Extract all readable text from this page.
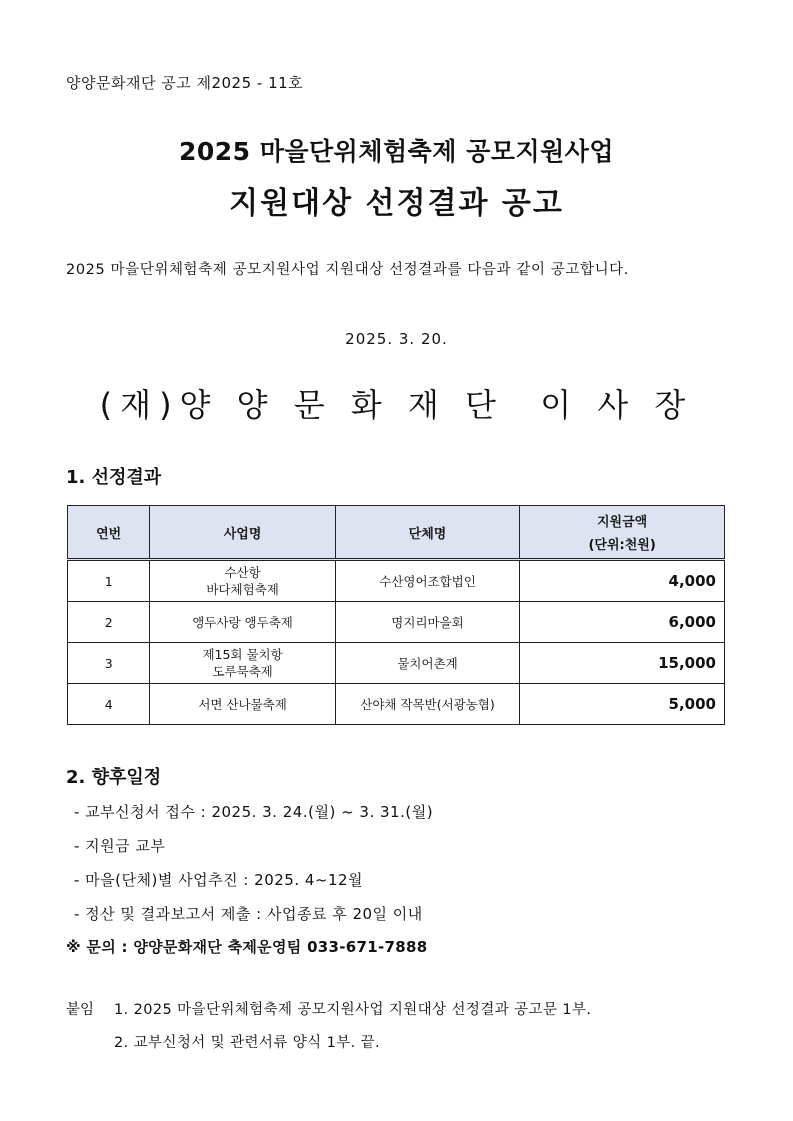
양양문화재단 공고 제2025 - 11호
2025 마을단위체험축제 공모지원사업
지원대상 선정결과 공고
2025 마을단위체험축제 공모지원사업 지원대상 선정결과를 다음과 같이 공고합니다.
2025. 3. 20.
(재)양 양 문 화 재 단  이 사 장
1. 선정결과
연번	사업명	단체명	지원금액
(단위:천원)

1	수산항
바다체험축제	수산영어조합법인	4,000
2	앵두사랑 앵두축제	명지리마을회	6,000
3	제15회 물치항
도루묵축제	물치어촌계	15,000
4	서면 산나물축제	산야채 작목반(서광농협)	5,000
2. 향후일정
- 교부신청서 접수 : 2025. 3. 24.(월) ~ 3. 31.(월)
- 지원금 교부
- 마을(단체)별 사업추진 : 2025. 4~12월
- 정산 및 결과보고서 제출 : 사업종료 후 20일 이내
※ 문의 : 양양문화재단 축제운영팀 033-671-7888
붙임 1. 2025 마을단위체험축제 공모지원사업 지원대상 선정결과 공고문 1부.
2. 교부신청서 및 관련서류 양식 1부. 끝.
